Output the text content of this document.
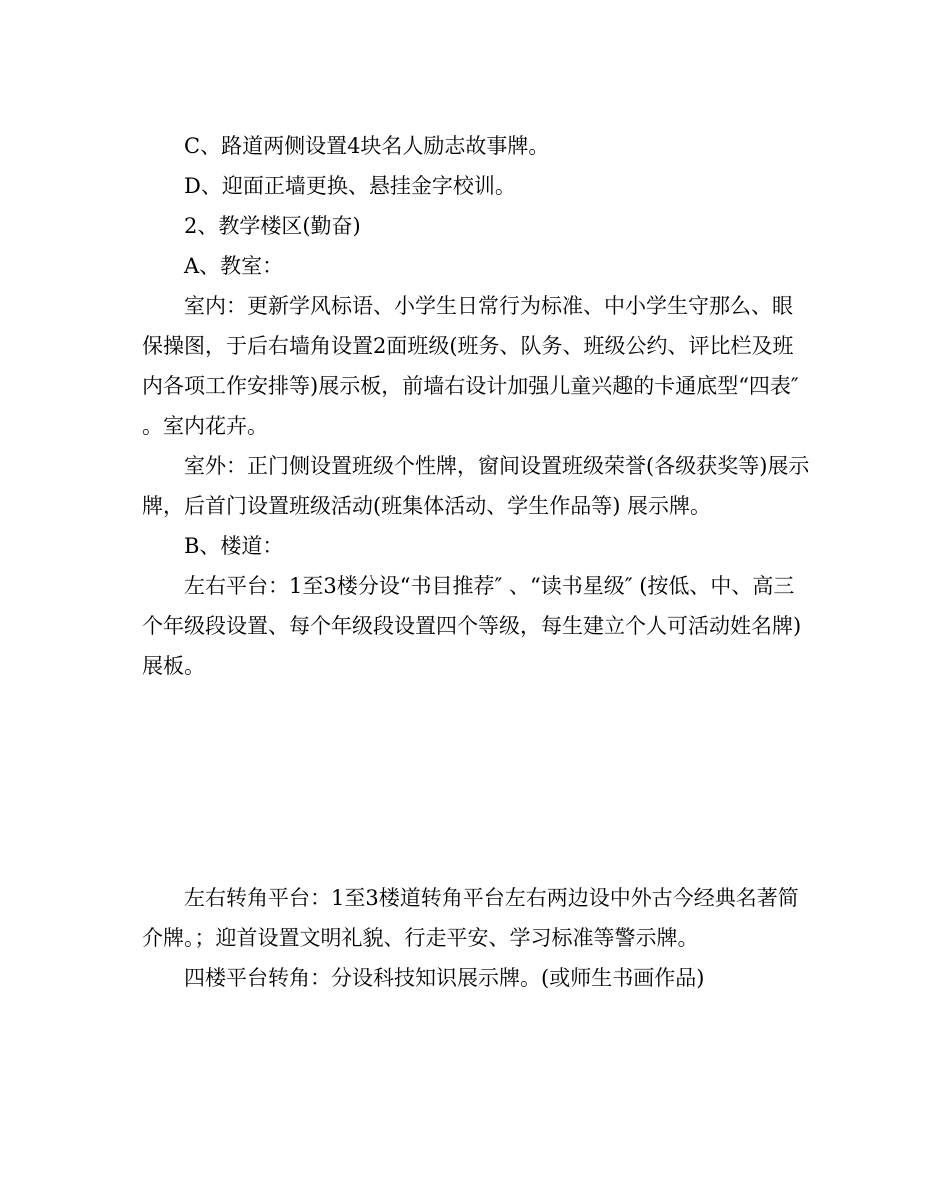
C、路道两侧设置4块名人励志故事牌。

D、迎面正墙更换、悬挂金字校训。

2、教学楼区(勤奋)

A、教室：

室内：更新学风标语、小学生日常行为标准、中小学生守那么、眼保操图，于后右墙角设置2面班级(班务、队务、班级公约、评比栏及班内各项工作安排等)展示板，前墙右设计加强儿童兴趣的卡通底型“四表″ 。室内花卉。

室外：正门侧设置班级个性牌，窗间设置班级荣誉(各级获奖等)展示牌，后首门设置班级活动(班集体活动、学生作品等) 展示牌。

B、楼道：

左右平台：1至3楼分设“书目推荐″ 、“读书星级″ (按低、中、高三个年级段设置、每个年级段设置四个等级，每生建立个人可活动姓名牌)展板。

左右转角平台：1至3楼道转角平台左右两边设中外古今经典名著简介牌。；迎首设置文明礼貌、行走平安、学习标准等警示牌。

四楼平台转角：分设科技知识展示牌。(或师生书画作品)
